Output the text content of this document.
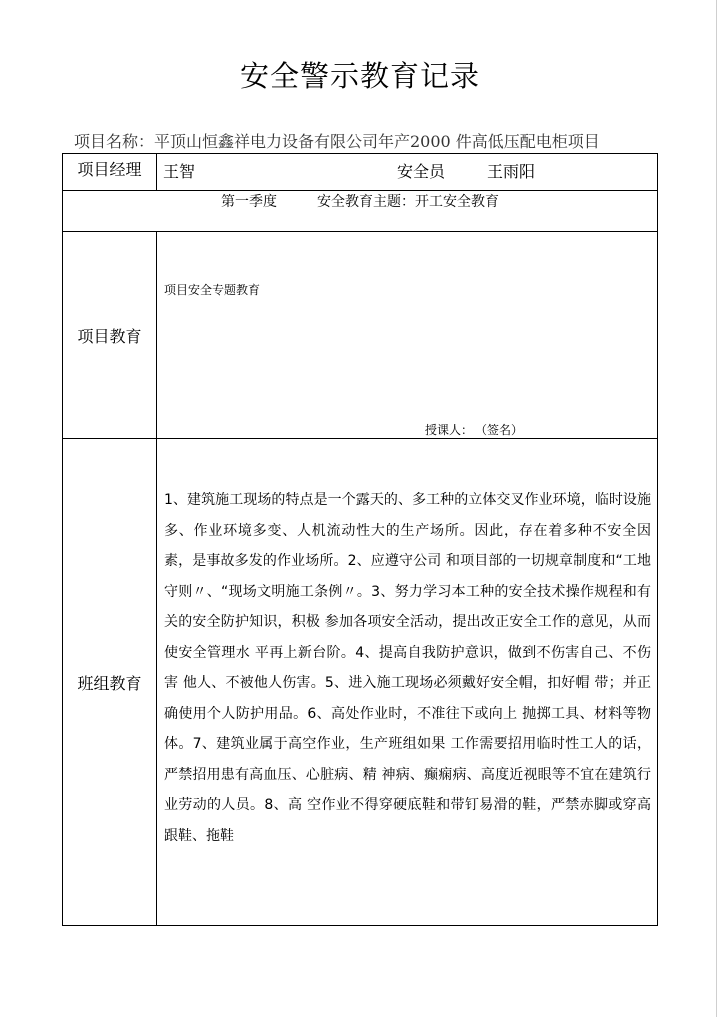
安全警示教育记录
项目名称：平顶山恒鑫祥电力设备有限公司年产2000 件高低压配电柜项目
项目经理	王智 安全员 王雨阳

第一季度 安全教育主题：开工安全教育	
项目教育	项目安全专题教育
授课人： （签名）

班组教育	1、建筑施工现场的特点是一个露天的、多工种的立体交叉作业环境，临时设施多、作业环境多变、人机流动性大的生产场所。因此，存在着多种不安全因素，是事故多发的作业场所。2、应遵守公司 和项目部的一切规章制度和“工地守则〃、“现场文明施工条例〃。3、努力学习本工种的安全技术操作规程和有关的安全防护知识，积极 参加各项安全活动，提出改正安全工作的意见，从而使安全管理水 平再上新台阶。4、提高自我防护意识，做到不伤害自己、不伤害 他人、不被他人伤害。5、进入施工现场必须戴好安全帽，扣好帽 带；并正确使用个人防护用品。6、高处作业时，不准往下或向上 抛掷工具、材料等物体。7、建筑业属于高空作业，生产班组如果 工作需要招用临时性工人的话，严禁招用患有高血压、心脏病、精 神病、癫痫病、高度近视眼等不宜在建筑行业劳动的人员。8、高 空作业不得穿硬底鞋和带钉易滑的鞋，严禁赤脚或穿高跟鞋、拖鞋
